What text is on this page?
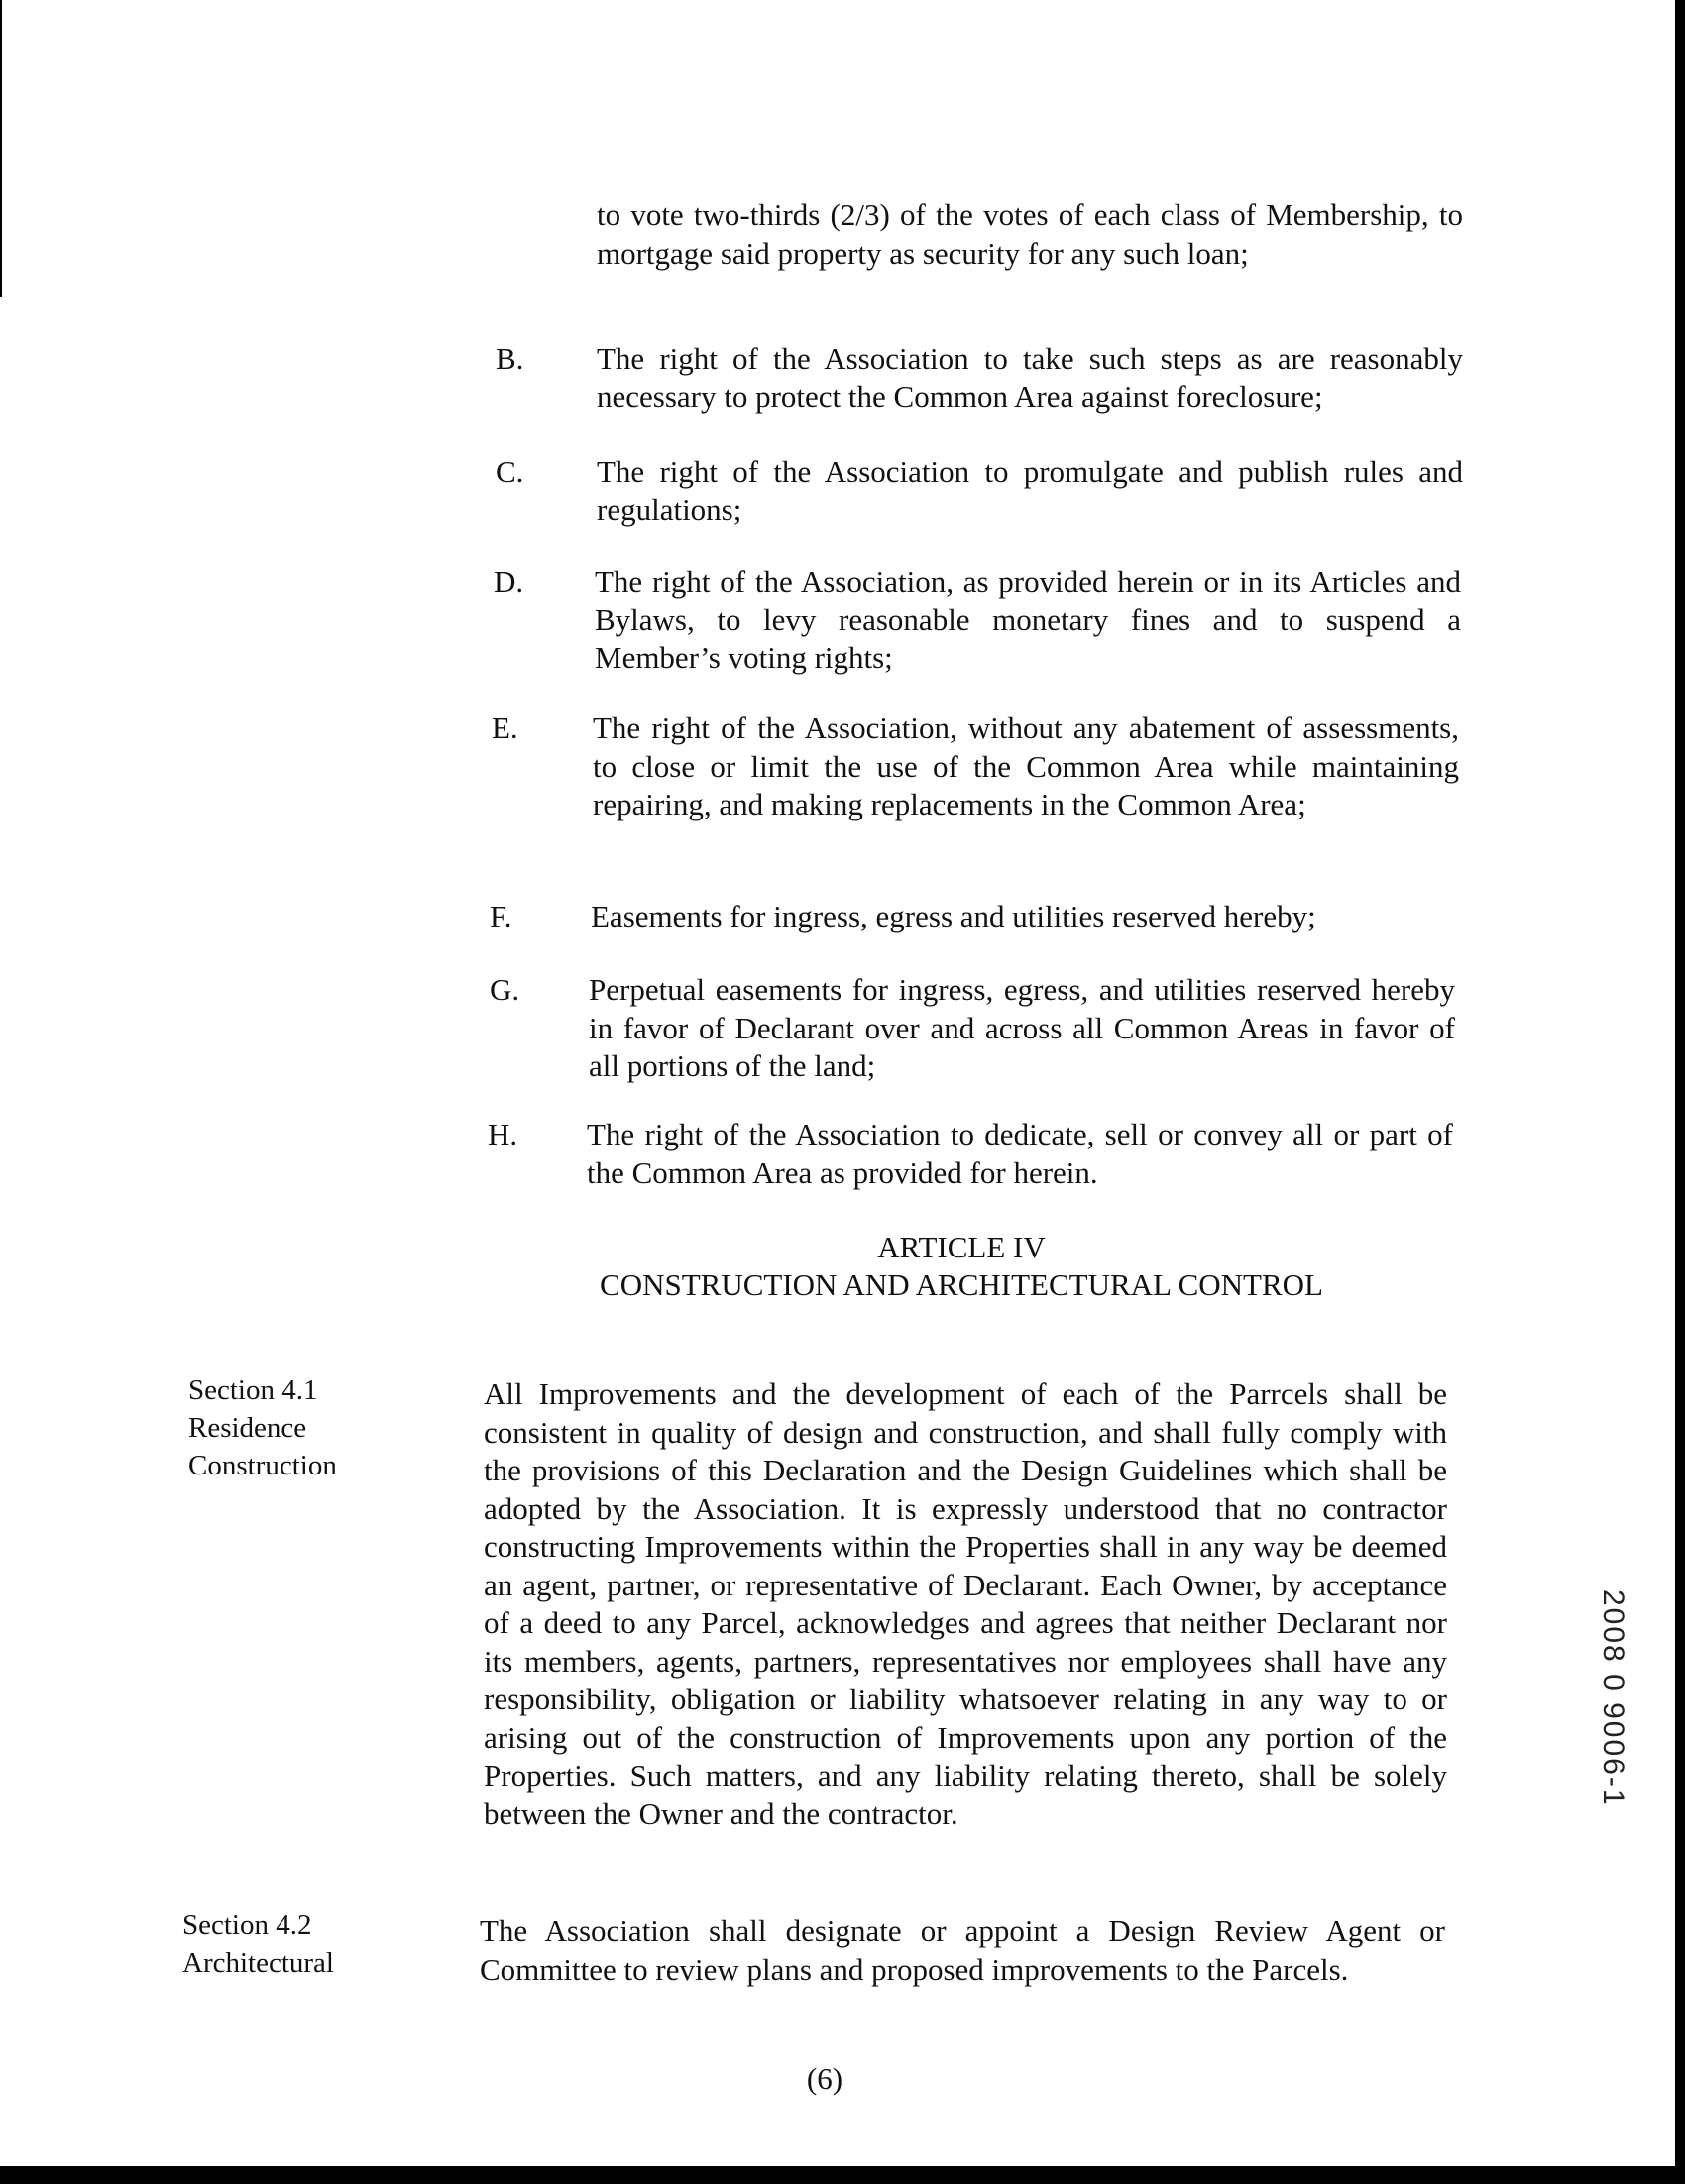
to vote two-thirds (2/3) of the votes of each class of Membership, to mortgage said property as security for any such loan;
B. The right of the Association to take such steps as are reasonably necessary to protect the Common Area against foreclosure;
C. The right of the Association to promulgate and publish rules and regulations;
D. The right of the Association, as provided herein or in its Articles and Bylaws, to levy reasonable monetary fines and to suspend a Member’s voting rights;
E. The right of the Association, without any abatement of assessments, to close or limit the use of the Common Area while maintaining repairing, and making replacements in the Common Area;
F.	Easements for ingress, egress and utilities reserved hereby;
G. Perpetual easements for ingress, egress, and utilities reserved hereby in favor of Declarant over and across all Common Areas in favor of all portions of the land;
H. The right of the Association to dedicate, sell or convey all or part of the Common Area as provided for herein.
ARTICLE IV
CONSTRUCTION AND ARCHITECTURAL CONTROL
Section 4.1
Residence
Construction
All Improvements and the development of each of the Parrcels shall be consistent in quality of design and construction, and shall fully comply with the provisions of this Declaration and the Design Guidelines which shall be adopted by the Association. It is expressly understood that no contractor constructing Improvements within the Properties shall in any way be deemed an agent, partner, or representative of Declarant. Each Owner, by acceptance of a deed to any Parcel, acknowledges and agrees that neither Declarant nor its members, agents, partners, representatives nor employees shall have any responsibility, obligation or liability whatsoever relating in any way to or arising out of the construction of Improvements upon any portion of the Properties. Such matters, and any liability relating thereto, shall be solely between the Owner and the contractor.
Section 4.2
Architectural
The Association shall designate or appoint a Design Review Agent or Committee to review plans and proposed improvements to the Parcels.
2008 0 9006-1
(6)
